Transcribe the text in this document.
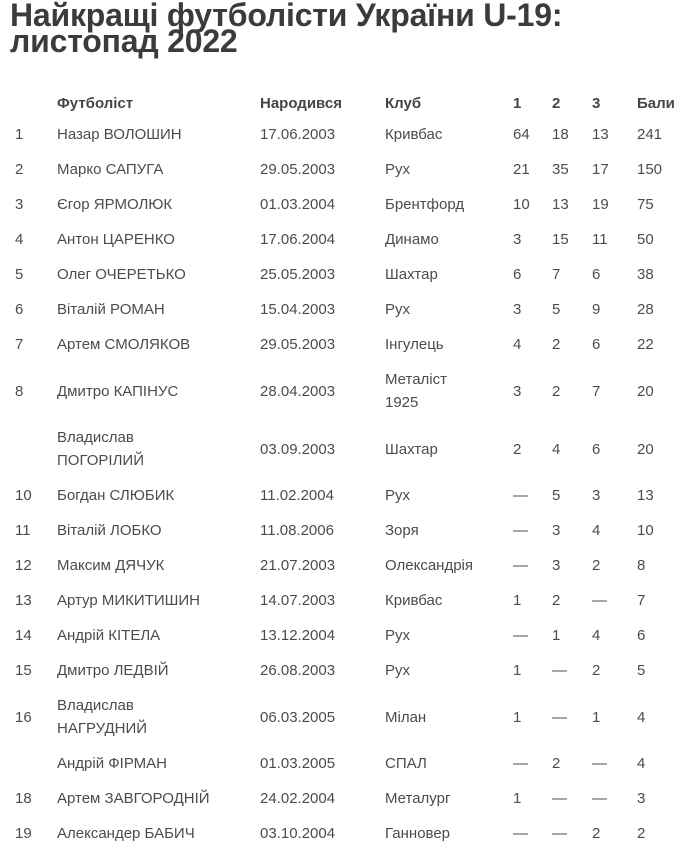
Найкращі футболісти України U-19:
листопад 2022
	Футболіст	Народився	Клуб	1	2	3	Бали
1	Назар ВОЛОШИН	17.06.2003	Кривбас	64	18	13	241
2	Марко САПУГА	29.05.2003	Рух	21	35	17	150
3	Єгор ЯРМОЛЮК	01.03.2004	Брентфорд	10	13	19	75
4	Антон ЦАРЕНКО	17.06.2004	Динамо	3	15	11	50
5	Олег ОЧЕРЕТЬКО	25.05.2003	Шахтар	6	7	6	38
6	Віталій РОМАН	15.04.2003	Рух	3	5	9	28
7	Артем СМОЛЯКОВ	29.05.2003	Інгулець	4	2	6	22
8	Дмитро КАПІНУС	28.04.2003	Металіст 1925	3	2	7	20
	Владислав ПОГОРІЛИЙ	03.09.2003	Шахтар	2	4	6	20
10	Богдан СЛЮБИК	11.02.2004	Рух	—	5	3	13
11	Віталій ЛОБКО	11.08.2006	Зоря	—	3	4	10
12	Максим ДЯЧУК	21.07.2003	Олександрія	—	3	2	8
13	Артур МИКИТИШИН	14.07.2003	Кривбас	1	2	—	7
14	Андрій КІТЕЛА	13.12.2004	Рух	—	1	4	6
15	Дмитро ЛЕДВІЙ	26.08.2003	Рух	1	—	2	5
16	Владислав НАГРУДНИЙ	06.03.2005	Мілан	1	—	1	4
	Андрій ФІРМАН	01.03.2005	СПАЛ	—	2	—	4
18	Артем ЗАВГОРОДНІЙ	24.02.2004	Металург	1	—	—	3
19	Александер БАБИЧ	03.10.2004	Ганновер	—	—	2	2
